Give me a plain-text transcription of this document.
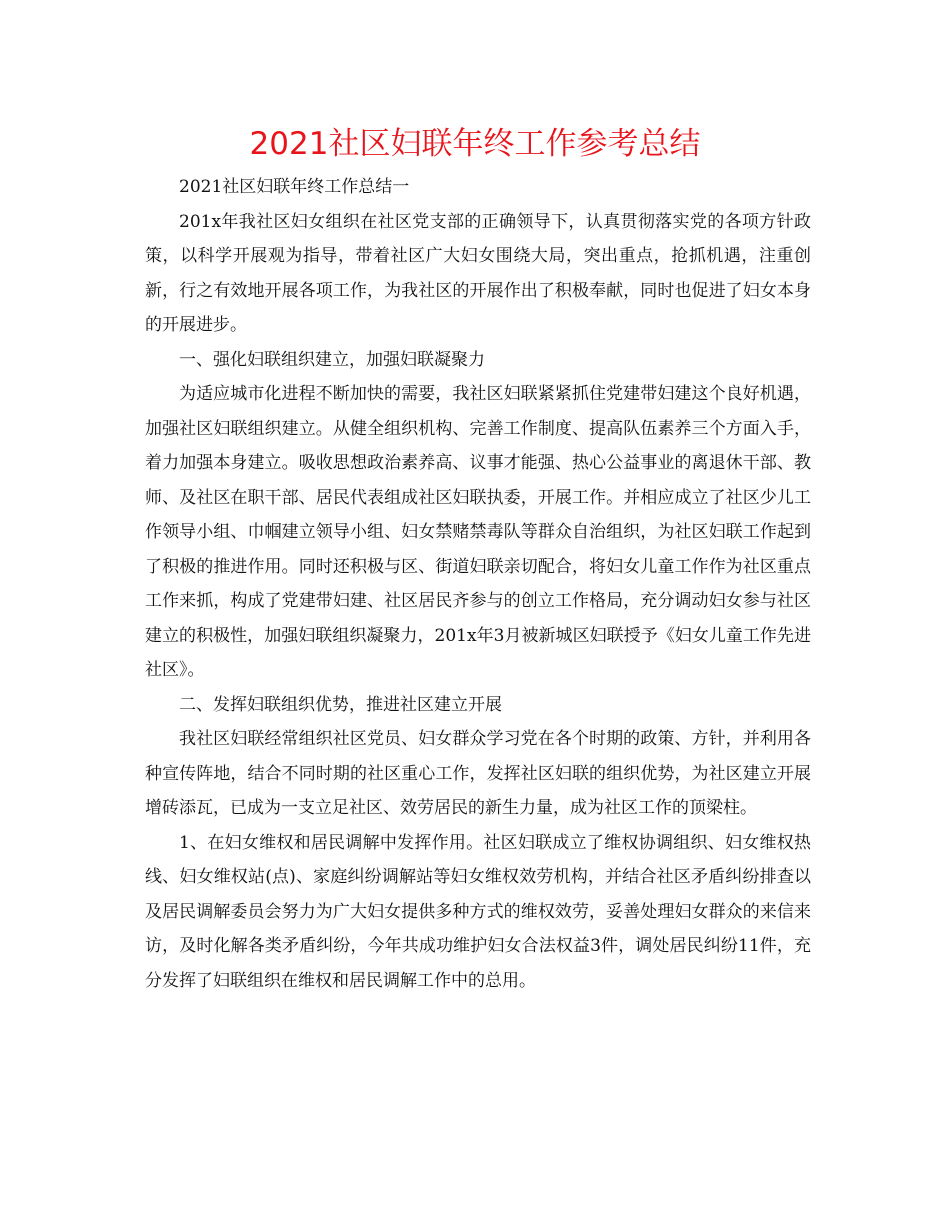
2021社区妇联年终工作参考总结

2021社区妇联年终工作总结一

201x年我社区妇女组织在社区党支部的正确领导下，认真贯彻落实党的各项方针政策，以科学开展观为指导，带着社区广大妇女围绕大局，突出重点，抢抓机遇，注重创新，行之有效地开展各项工作，为我社区的开展作出了积极奉献，同时也促进了妇女本身的开展进步。

一、强化妇联组织建立，加强妇联凝聚力

为适应城市化进程不断加快的需要，我社区妇联紧紧抓住党建带妇建这个良好机遇，加强社区妇联组织建立。从健全组织机构、完善工作制度、提高队伍素养三个方面入手，着力加强本身建立。吸收思想政治素养高、议事才能强、热心公益事业的离退休干部、教师、及社区在职干部、居民代表组成社区妇联执委，开展工作。并相应成立了社区少儿工作领导小组、巾帼建立领导小组、妇女禁赌禁毒队等群众自治组织，为社区妇联工作起到了积极的推进作用。同时还积极与区、街道妇联亲切配合，将妇女儿童工作作为社区重点工作来抓，构成了党建带妇建、社区居民齐参与的创立工作格局，充分调动妇女参与社区建立的积极性，加强妇联组织凝聚力，201x年3月被新城区妇联授予《妇女儿童工作先进社区》。

二、发挥妇联组织优势，推进社区建立开展

我社区妇联经常组织社区党员、妇女群众学习党在各个时期的政策、方针，并利用各种宣传阵地，结合不同时期的社区重心工作，发挥社区妇联的组织优势，为社区建立开展增砖添瓦，已成为一支立足社区、效劳居民的新生力量，成为社区工作的顶梁柱。

1、在妇女维权和居民调解中发挥作用。社区妇联成立了维权协调组织、妇女维权热线、妇女维权站(点)、家庭纠纷调解站等妇女维权效劳机构，并结合社区矛盾纠纷排查以及居民调解委员会努力为广大妇女提供多种方式的维权效劳，妥善处理妇女群众的来信来访，及时化解各类矛盾纠纷，今年共成功维护妇女合法权益3件，调处居民纠纷11件，充分发挥了妇联组织在维权和居民调解工作中的总用。
